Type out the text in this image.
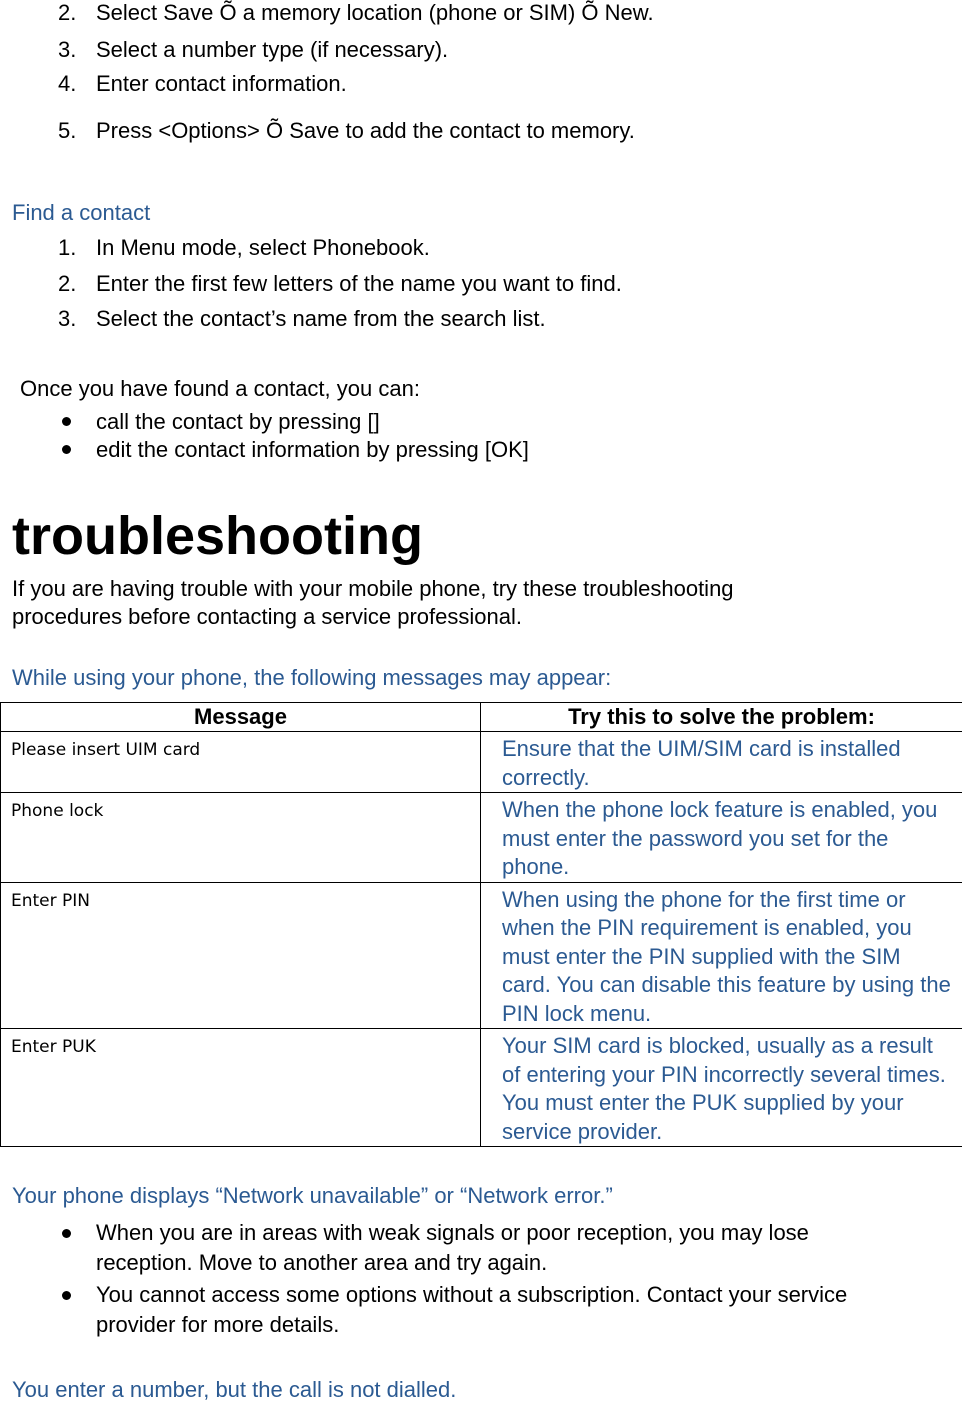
2. Select Save Õ a memory location (phone or SIM) Õ New.
3. Select a number type (if necessary).
4. Enter contact information.
5. Press <Options> Õ Save to add the contact to memory.
Find a contact
1. In Menu mode, select Phonebook.
2. Enter the first few letters of the name you want to find.
3. Select the contact’s name from the search list.
Once you have found a contact, you can:
call the contact by pressing []
edit the contact information by pressing [OK]
troubleshooting
If you are having trouble with your mobile phone, try these troubleshooting
procedures before contacting a service professional.
While using your phone, the following messages may appear:
Message	Try this to solve the problem:
Please insert UIM card	Ensure that the UIM/SIM card is installed correctly.
Phone lock	When the phone lock feature is enabled, you must enter the password you set for the phone.
Enter PIN	When using the phone for the first time or when the PIN requirement is enabled, you must enter the PIN supplied with the SIM card. You can disable this feature by using the PIN lock menu.
Enter PUK	Your SIM card is blocked, usually as a result of entering your PIN incorrectly several times. You must enter the PUK supplied by your service provider.
Your phone displays “Network unavailable” or “Network error.”
When you are in areas with weak signals or poor reception, you may lose
reception. Move to another area and try again.
You cannot access some options without a subscription. Contact your service
provider for more details.
You enter a number, but the call is not dialled.
